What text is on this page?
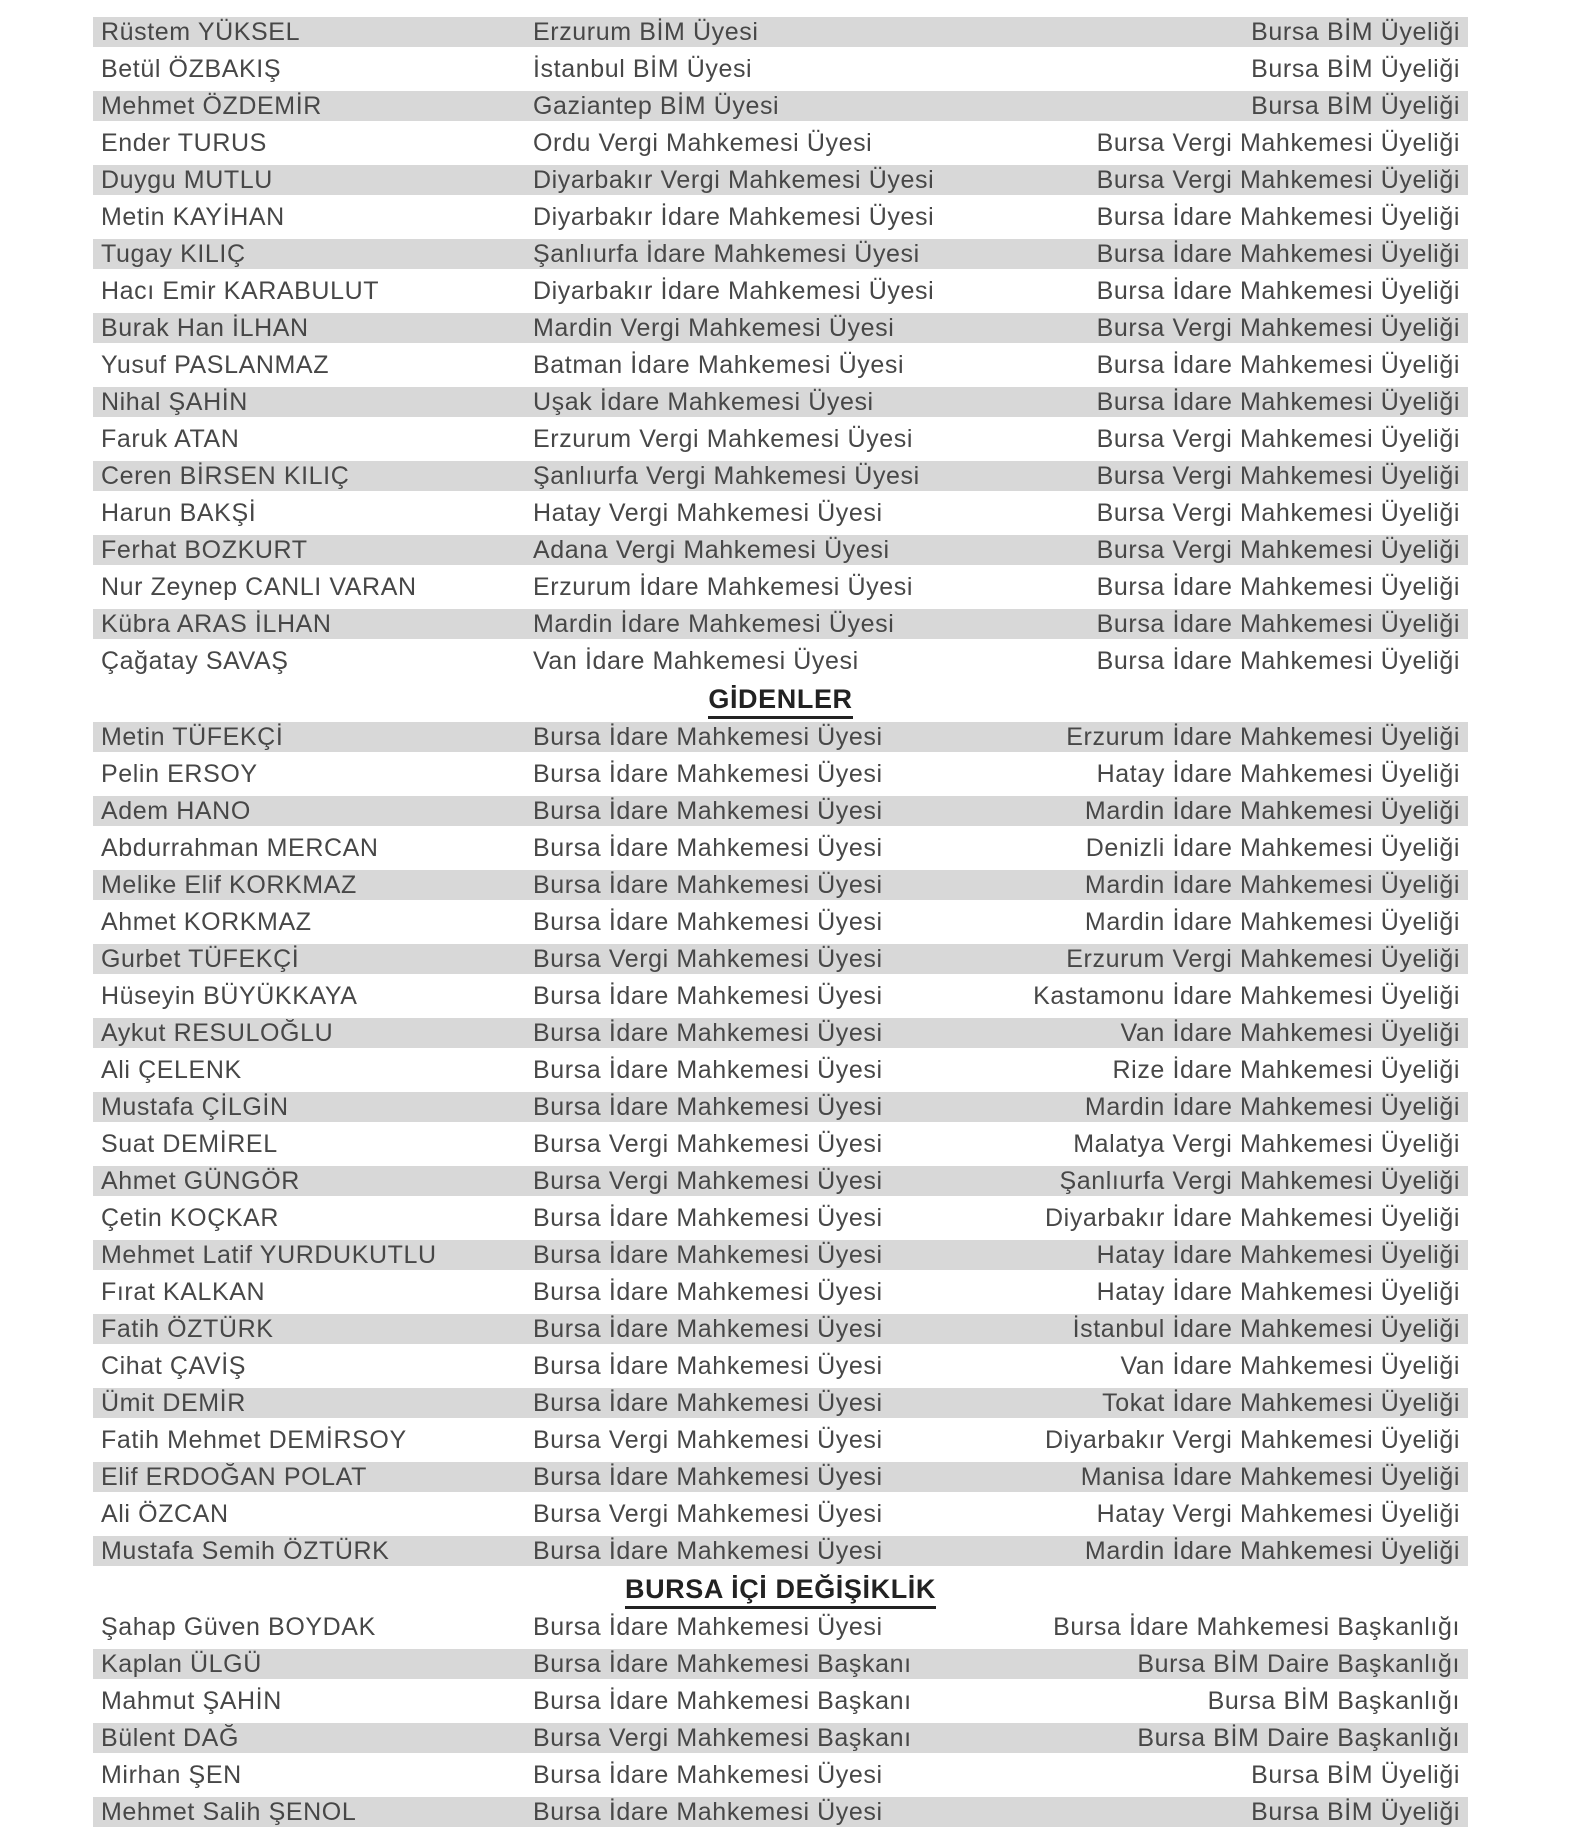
Rüstem YÜKSEL	Erzurum BİM Üyesi	Bursa BİM Üyeliği
Betül ÖZBAKIŞ	İstanbul BİM Üyesi	Bursa BİM Üyeliği
Mehmet ÖZDEMİR	Gaziantep BİM Üyesi	Bursa BİM Üyeliği
Ender TURUS	Ordu Vergi Mahkemesi Üyesi	Bursa Vergi Mahkemesi Üyeliği
Duygu MUTLU	Diyarbakır Vergi Mahkemesi Üyesi	Bursa Vergi Mahkemesi Üyeliği
Metin KAYİHAN	Diyarbakır İdare Mahkemesi Üyesi	Bursa İdare Mahkemesi Üyeliği
Tugay KILIÇ	Şanlıurfa İdare Mahkemesi Üyesi	Bursa İdare Mahkemesi Üyeliği
Hacı Emir KARABULUT	Diyarbakır İdare Mahkemesi Üyesi	Bursa İdare Mahkemesi Üyeliği
Burak Han İLHAN	Mardin Vergi Mahkemesi Üyesi	Bursa Vergi Mahkemesi Üyeliği
Yusuf PASLANMAZ	Batman İdare Mahkemesi Üyesi	Bursa İdare Mahkemesi Üyeliği
Nihal ŞAHİN	Uşak İdare Mahkemesi Üyesi	Bursa İdare Mahkemesi Üyeliği
Faruk ATAN	Erzurum Vergi Mahkemesi Üyesi	Bursa Vergi Mahkemesi Üyeliği
Ceren BİRSEN KILIÇ	Şanlıurfa Vergi Mahkemesi Üyesi	Bursa Vergi Mahkemesi Üyeliği
Harun BAKŞİ	Hatay Vergi Mahkemesi Üyesi	Bursa Vergi Mahkemesi Üyeliği
Ferhat BOZKURT	Adana Vergi Mahkemesi Üyesi	Bursa Vergi Mahkemesi Üyeliği
Nur Zeynep CANLI VARAN	Erzurum İdare Mahkemesi Üyesi	Bursa İdare Mahkemesi Üyeliği
Kübra ARAS İLHAN	Mardin İdare Mahkemesi Üyesi	Bursa İdare Mahkemesi Üyeliği
Çağatay SAVAŞ	Van İdare Mahkemesi Üyesi	Bursa İdare Mahkemesi Üyeliği
GİDENLER
Metin TÜFEKÇİ	Bursa İdare Mahkemesi Üyesi	Erzurum İdare Mahkemesi Üyeliği
Pelin ERSOY	Bursa İdare Mahkemesi Üyesi	Hatay İdare Mahkemesi Üyeliği
Adem HANO	Bursa İdare Mahkemesi Üyesi	Mardin İdare Mahkemesi Üyeliği
Abdurrahman MERCAN	Bursa İdare Mahkemesi Üyesi	Denizli İdare Mahkemesi Üyeliği
Melike Elif KORKMAZ	Bursa İdare Mahkemesi Üyesi	Mardin İdare Mahkemesi Üyeliği
Ahmet KORKMAZ	Bursa İdare Mahkemesi Üyesi	Mardin İdare Mahkemesi Üyeliği
Gurbet TÜFEKÇİ	Bursa Vergi Mahkemesi Üyesi	Erzurum Vergi Mahkemesi Üyeliği
Hüseyin BÜYÜKKAYA	Bursa İdare Mahkemesi Üyesi	Kastamonu İdare Mahkemesi Üyeliği
Aykut RESULOĞLU	Bursa İdare Mahkemesi Üyesi	Van İdare Mahkemesi Üyeliği
Ali ÇELENK	Bursa İdare Mahkemesi Üyesi	Rize İdare Mahkemesi Üyeliği
Mustafa ÇİLGİN	Bursa İdare Mahkemesi Üyesi	Mardin İdare Mahkemesi Üyeliği
Suat DEMİREL	Bursa Vergi Mahkemesi Üyesi	Malatya Vergi Mahkemesi Üyeliği
Ahmet GÜNGÖR	Bursa Vergi Mahkemesi Üyesi	Şanlıurfa Vergi Mahkemesi Üyeliği
Çetin KOÇKAR	Bursa İdare Mahkemesi Üyesi	Diyarbakır İdare Mahkemesi Üyeliği
Mehmet Latif YURDUKUTLU	Bursa İdare Mahkemesi Üyesi	Hatay İdare Mahkemesi Üyeliği
Fırat KALKAN	Bursa İdare Mahkemesi Üyesi	Hatay İdare Mahkemesi Üyeliği
Fatih ÖZTÜRK	Bursa İdare Mahkemesi Üyesi	İstanbul İdare Mahkemesi Üyeliği
Cihat ÇAVİŞ	Bursa İdare Mahkemesi Üyesi	Van İdare Mahkemesi Üyeliği
Ümit DEMİR	Bursa İdare Mahkemesi Üyesi	Tokat İdare Mahkemesi Üyeliği
Fatih Mehmet DEMİRSOY	Bursa Vergi Mahkemesi Üyesi	Diyarbakır Vergi Mahkemesi Üyeliği
Elif ERDOĞAN POLAT	Bursa İdare Mahkemesi Üyesi	Manisa İdare Mahkemesi Üyeliği
Ali ÖZCAN	Bursa Vergi Mahkemesi Üyesi	Hatay Vergi Mahkemesi Üyeliği
Mustafa Semih ÖZTÜRK	Bursa İdare Mahkemesi Üyesi	Mardin İdare Mahkemesi Üyeliği
BURSA İÇİ DEĞİŞİKLİK
Şahap Güven BOYDAK	Bursa İdare Mahkemesi Üyesi	Bursa İdare Mahkemesi Başkanlığı
Kaplan ÜLGÜ	Bursa İdare Mahkemesi Başkanı	Bursa BİM Daire Başkanlığı
Mahmut ŞAHİN	Bursa İdare Mahkemesi Başkanı	Bursa BİM Başkanlığı
Bülent DAĞ	Bursa Vergi Mahkemesi Başkanı	Bursa BİM Daire Başkanlığı
Mirhan ŞEN	Bursa İdare Mahkemesi Üyesi	Bursa BİM Üyeliği
Mehmet Salih ŞENOL	Bursa İdare Mahkemesi Üyesi	Bursa BİM Üyeliği
